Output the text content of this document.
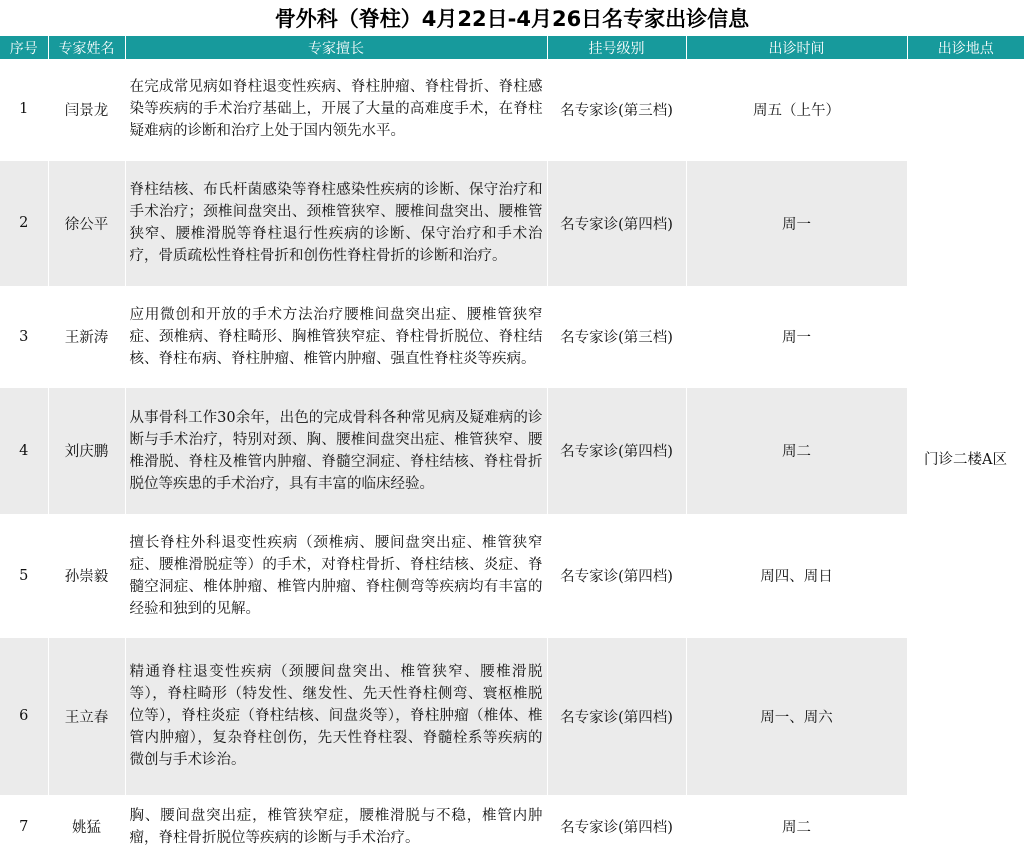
骨外科（脊柱）4月22日-4月26日名专家出诊信息
序号	专家姓名	专家擅长	挂号级别	出诊时间	出诊地点
1	闫景龙	在完成常见病如脊柱退变性疾病、脊柱肿瘤、脊柱骨折、脊柱感染等疾病的手术治疗基础上，开展了大量的高难度手术，在脊柱疑难病的诊断和治疗上处于国内领先水平。	名专家诊(第三档)	周五（上午）	门诊二楼A区
2	徐公平	脊柱结核、布氏杆菌感染等脊柱感染性疾病的诊断、保守治疗和手术治疗；颈椎间盘突出、颈椎管狭窄、腰椎间盘突出、腰椎管狭窄、腰椎滑脱等脊柱退行性疾病的诊断、保守治疗和手术治疗，骨质疏松性脊柱骨折和创伤性脊柱骨折的诊断和治疗。	名专家诊(第四档)	周一	
3	王新涛	应用微创和开放的手术方法治疗腰椎间盘突出症、腰椎管狭窄症、颈椎病、脊柱畸形、胸椎管狭窄症、脊柱骨折脱位、脊柱结核、脊柱布病、脊柱肿瘤、椎管内肿瘤、强直性脊柱炎等疾病。	名专家诊(第三档)	周一	
4	刘庆鹏	从事骨科工作30余年，出色的完成骨科各种常见病及疑难病的诊断与手术治疗，特别对颈、胸、腰椎间盘突出症、椎管狭窄、腰椎滑脱、脊柱及椎管内肿瘤、脊髓空洞症、脊柱结核、脊柱骨折脱位等疾患的手术治疗，具有丰富的临床经验。	名专家诊(第四档)	周二	
5	孙崇毅	擅长脊柱外科退变性疾病（颈椎病、腰间盘突出症、椎管狭窄症、腰椎滑脱症等）的手术，对脊柱骨折、脊柱结核、炎症、脊髓空洞症、椎体肿瘤、椎管内肿瘤、脊柱侧弯等疾病均有丰富的经验和独到的见解。	名专家诊(第四档)	周四、周日	
6	王立春	精通脊柱退变性疾病（颈腰间盘突出、椎管狭窄、腰椎滑脱等），脊柱畸形（特发性、继发性、先天性脊柱侧弯、寰枢椎脱位等），脊柱炎症（脊柱结核、间盘炎等），脊柱肿瘤（椎体、椎管内肿瘤），复杂脊柱创伤，先天性脊柱裂、脊髓栓系等疾病的微创与手术诊治。	名专家诊(第四档)	周一、周六	
7	姚猛	胸、腰间盘突出症，椎管狭窄症，腰椎滑脱与不稳，椎管内肿瘤，脊柱骨折脱位等疾病的诊断与手术治疗。	名专家诊(第四档)	周二	
